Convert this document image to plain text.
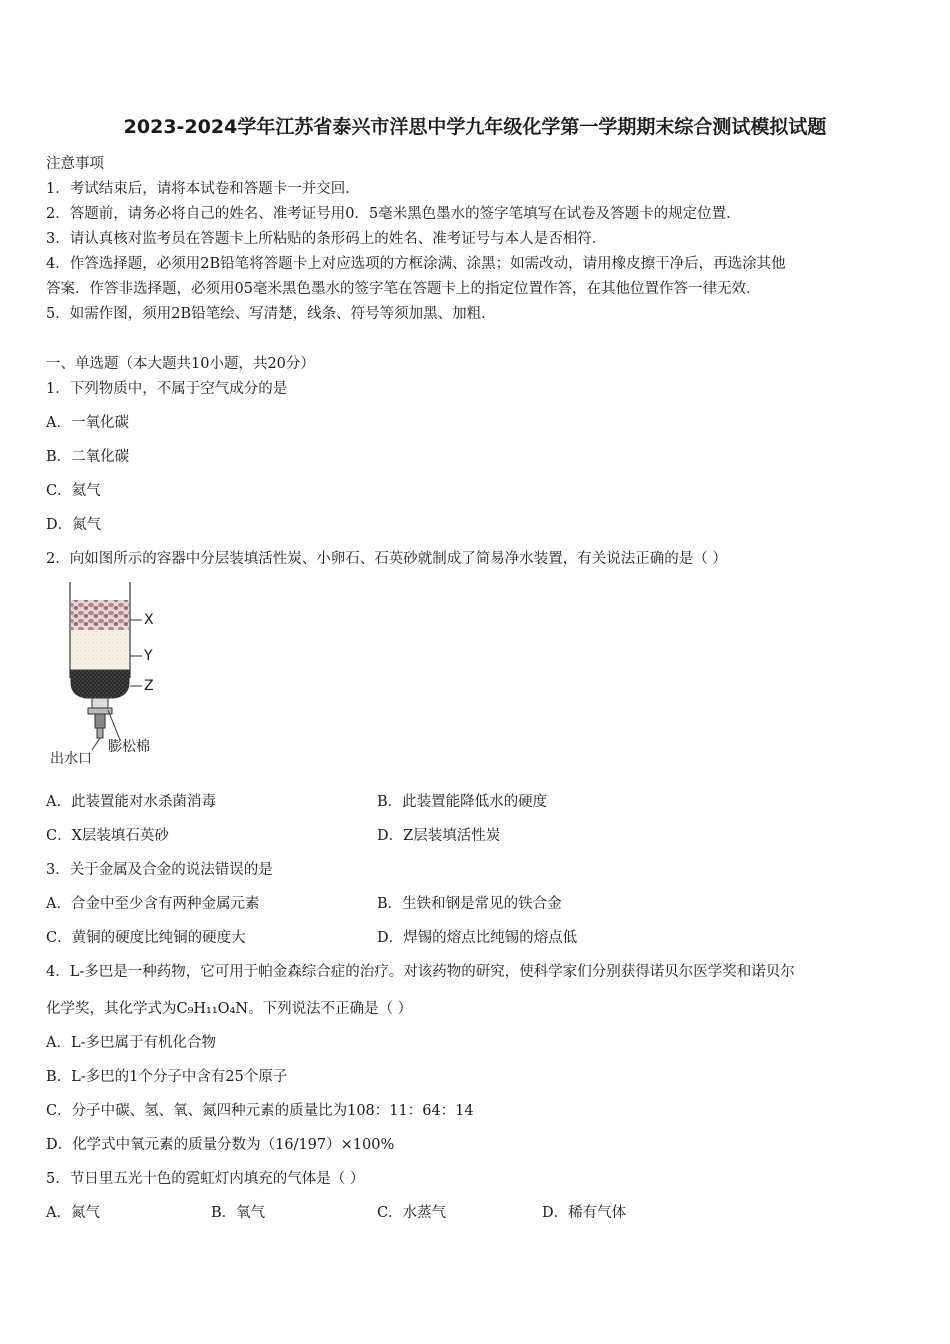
2023-2024学年江苏省泰兴市洋思中学九年级化学第一学期期末综合测试模拟试题
注意事项
1．考试结束后，请将本试卷和答题卡一并交回．
2．答题前，请务必将自己的姓名、准考证号用0．5毫米黑色墨水的签字笔填写在试卷及答题卡的规定位置．
3．请认真核对监考员在答题卡上所粘贴的条形码上的姓名、准考证号与本人是否相符．
4．作答选择题，必须用2B铅笔将答题卡上对应选项的方框涂满、涂黑；如需改动，请用橡皮擦干净后，再选涂其他
答案．作答非选择题，必须用05毫米黑色墨水的签字笔在答题卡上的指定位置作答，在其他位置作答一律无效．
5．如需作图，须用2B铅笔绘、写清楚，线条、符号等须加黑、加粗．
一、单选题（本大题共10小题，共20分）
1．下列物质中，不属于空气成分的是
A．一氧化碳
B．二氧化碳
C．氦气
D．氮气
2．向如图所示的容器中分层装填活性炭、小卵石、石英砂就制成了简易净水装置，有关说法正确的是（ ）
X
Y
Z
出水口
膨松棉
A．此装置能对水杀菌消毒	B．此装置能降低水的硬度
C．X层装填石英砂	D．Z层装填活性炭
3．关于金属及合金的说法错误的是
A．合金中至少含有两种金属元素	B．生铁和钢是常见的铁合金
C．黄铜的硬度比纯铜的硬度大	D．焊锡的熔点比纯锡的熔点低
4．L-多巴是一种药物，它可用于帕金森综合症的治疗。对该药物的研究，使科学家们分别获得诺贝尔医学奖和诺贝尔
化学奖，其化学式为C₉H₁₁O₄N。下列说法不正确是（ ）
A．L-多巴属于有机化合物
B．L-多巴的1个分子中含有25个原子
C．分子中碳、氢、氧、氮四种元素的质量比为108：11：64：14
D．化学式中氧元素的质量分数为（16/197）×100%
5．节日里五光十色的霓虹灯内填充的气体是（ ）
A．氮气	B．氧气	C．水蒸气	D．稀有气体
